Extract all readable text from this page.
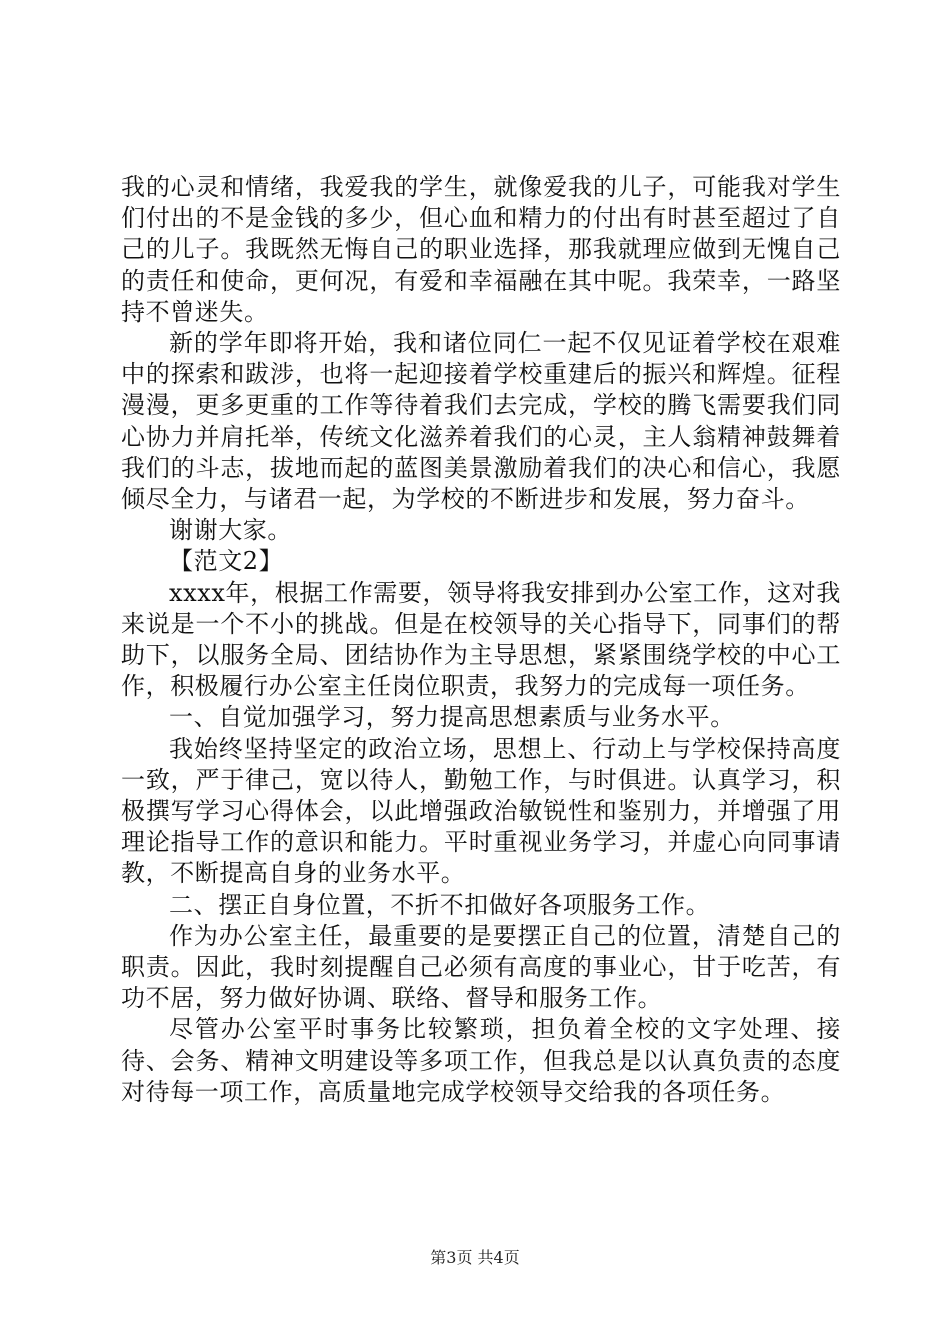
我的心灵和情绪，我爱我的学生，就像爱我的儿子，可能我对学生们付出的不是金钱的多少，但心血和精力的付出有时甚至超过了自己的儿子。我既然无悔自己的职业选择，那我就理应做到无愧自己的责任和使命，更何况，有爱和幸福融在其中呢。我荣幸，一路坚持不曾迷失。

新的学年即将开始，我和诸位同仁一起不仅见证着学校在艰难中的探索和跋涉，也将一起迎接着学校重建后的振兴和辉煌。征程漫漫，更多更重的工作等待着我们去完成，学校的腾飞需要我们同心协力并肩托举，传统文化滋养着我们的心灵，主人翁精神鼓舞着我们的斗志，拔地而起的蓝图美景激励着我们的决心和信心，我愿倾尽全力，与诸君一起，为学校的不断进步和发展，努力奋斗。

谢谢大家。

【范文2】

xxxx年，根据工作需要，领导将我安排到办公室工作，这对我来说是一个不小的挑战。但是在校领导的关心指导下，同事们的帮助下，以服务全局、团结协作为主导思想，紧紧围绕学校的中心工作，积极履行办公室主任岗位职责，我努力的完成每一项任务。

一、自觉加强学习，努力提高思想素质与业务水平。

我始终坚持坚定的政治立场，思想上、行动上与学校保持高度一致，严于律己，宽以待人，勤勉工作，与时俱进。认真学习，积极撰写学习心得体会，以此增强政治敏锐性和鉴别力，并增强了用理论指导工作的意识和能力。平时重视业务学习，并虚心向同事请教，不断提高自身的业务水平。

二、摆正自身位置，不折不扣做好各项服务工作。

作为办公室主任，最重要的是要摆正自己的位置，清楚自己的职责。因此，我时刻提醒自己必须有高度的事业心，甘于吃苦，有功不居，努力做好协调、联络、督导和服务工作。

尽管办公室平时事务比较繁琐，担负着全校的文字处理、接待、会务、精神文明建设等多项工作，但我总是以认真负责的态度对待每一项工作，高质量地完成学校领导交给我的各项任务。

第3页 共4页
